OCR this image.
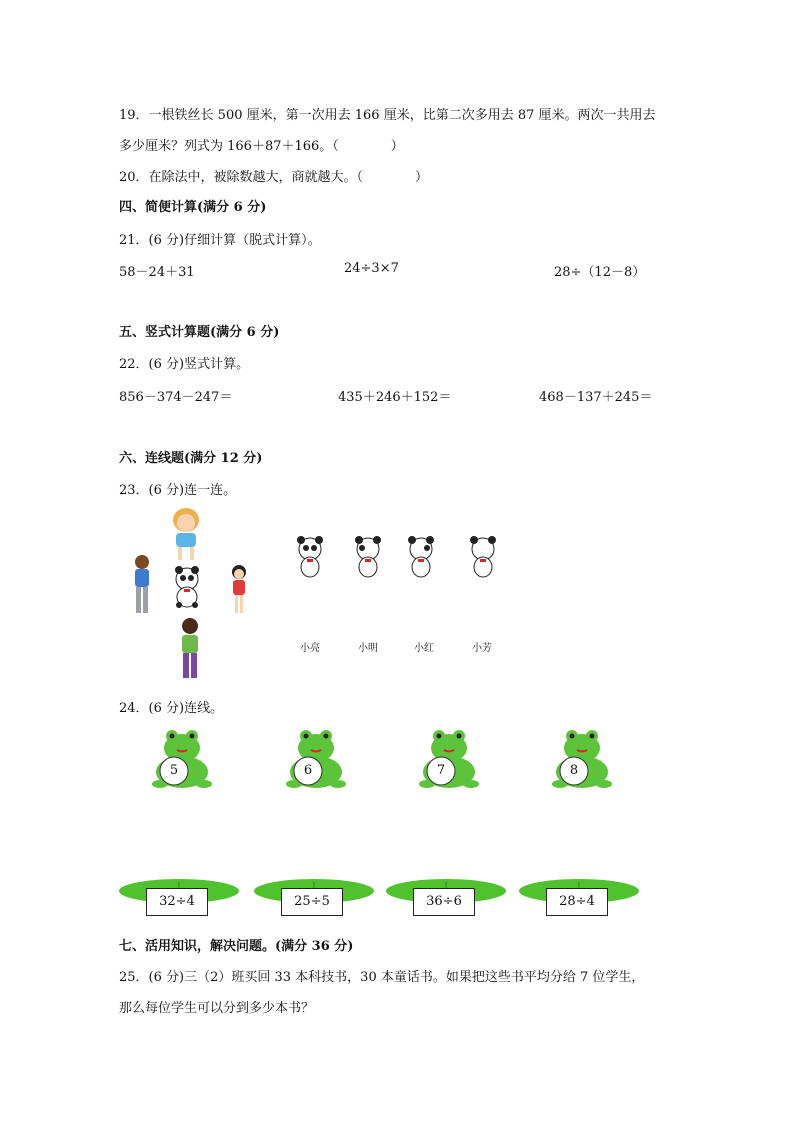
19．一根铁丝长 500 厘米，第一次用去 166 厘米，比第二次多用去 87 厘米。两次一共用去
多少厘米？列式为 166＋87＋166。（　　　　）
20．在除法中，被除数越大，商就越大。（　　　　）
四、简便计算(满分 6 分)
21．(6 分)仔细计算（脱式计算）。
58－24＋31	24÷3×7	28÷（12－8）
五、竖式计算题(满分 6 分)
22．(6 分)竖式计算。
856－374－247＝	435＋246＋152＝	468－137＋245＝
六、连线题(满分 12 分)
23．(6 分)连一连。
小亮	小明	小红	小芳
24．(6 分)连线。
5	6	7	8
32÷4	25÷5	36÷6	28÷4
七、活用知识，解决问题。(满分 36 分)
25．(6 分)三（2）班买回 33 本科技书，30 本童话书。如果把这些书平均分给 7 位学生，
那么每位学生可以分到多少本书？
